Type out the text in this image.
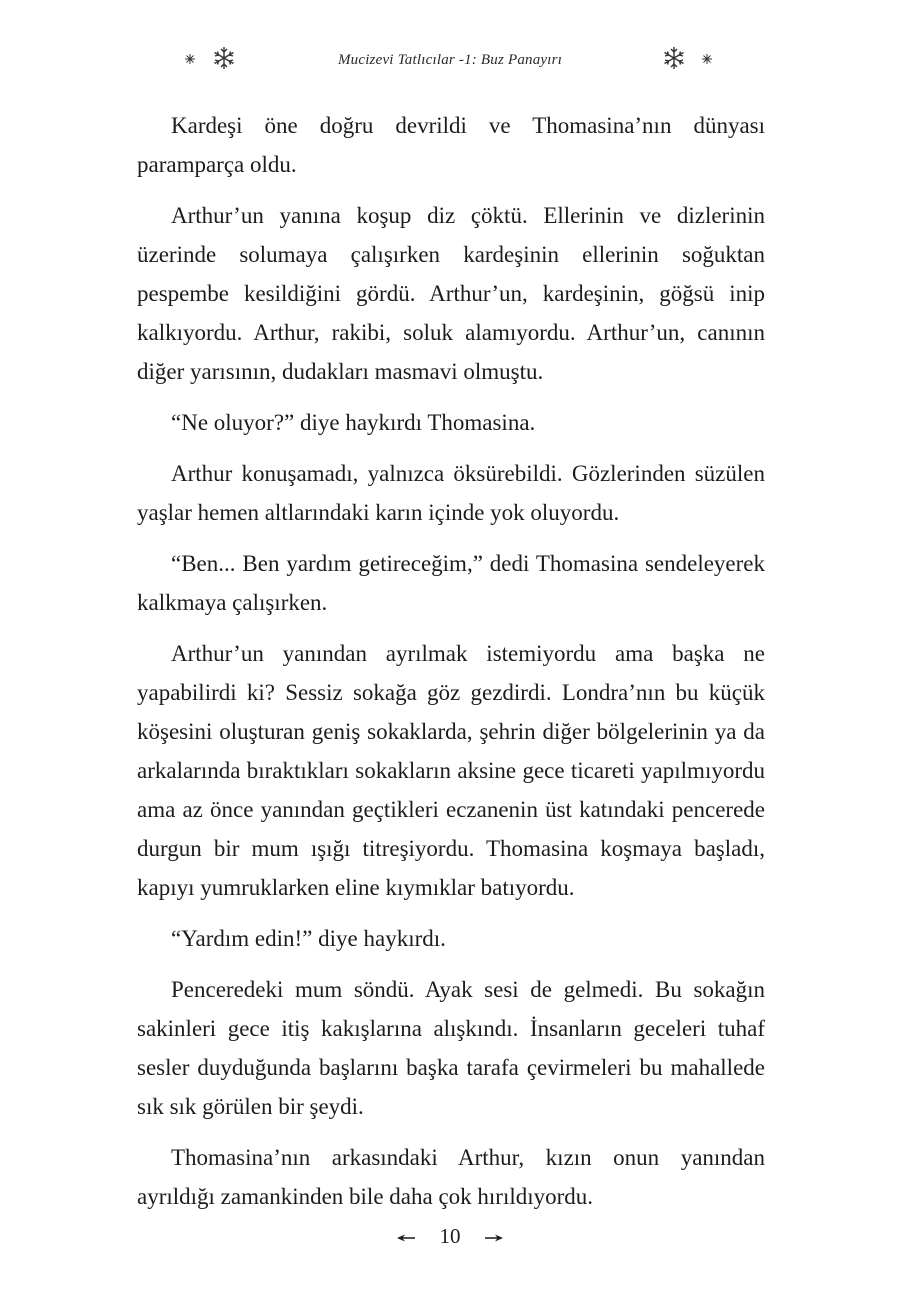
Mucizevi Tatlıcılar -1: Buz Panayırı

Kardeşi öne doğru devrildi ve Thomasina’nın dünyası paramparça oldu.

Arthur’un yanına koşup diz çöktü. Ellerinin ve dizlerinin üzerinde solumaya çalışırken kardeşinin ellerinin soğuktan pespembe kesildiğini gördü. Arthur’un, kardeşinin, göğsü inip kalkıyordu. Arthur, rakibi, soluk alamıyordu. Arthur’un, canının diğer yarısının, dudakları masmavi olmuştu.

“Ne oluyor?” diye haykırdı Thomasina.

Arthur konuşamadı, yalnızca öksürebildi. Gözlerinden süzülen yaşlar hemen altlarındaki karın içinde yok oluyordu.

“Ben... Ben yardım getireceğim,” dedi Thomasina sendeleyerek kalkmaya çalışırken.

Arthur’un yanından ayrılmak istemiyordu ama başka ne yapabilirdi ki? Sessiz sokağa göz gezdirdi. Londra’nın bu küçük köşesini oluşturan geniş sokaklarda, şehrin diğer bölgelerinin ya da arkalarında bıraktıkları sokakların aksine gece ticareti yapılmıyordu ama az önce yanından geçtikleri eczanenin üst katındaki pencerede durgun bir mum ışığı titreşiyordu. Thomasina koşmaya başladı, kapıyı yumruklarken eline kıymıklar batıyordu.

“Yardım edin!” diye haykırdı.

Penceredeki mum söndü. Ayak sesi de gelmedi. Bu sokağın sakinleri gece itiş kakışlarına alışkındı. İnsanların geceleri tuhaf sesler duyduğunda başlarını başka tarafa çevirmeleri bu mahallede sık sık görülen bir şeydi.

Thomasina’nın arkasındaki Arthur, kızın onun yanından ayrıldığı zamankinden bile daha çok hırıldıyordu.

10
